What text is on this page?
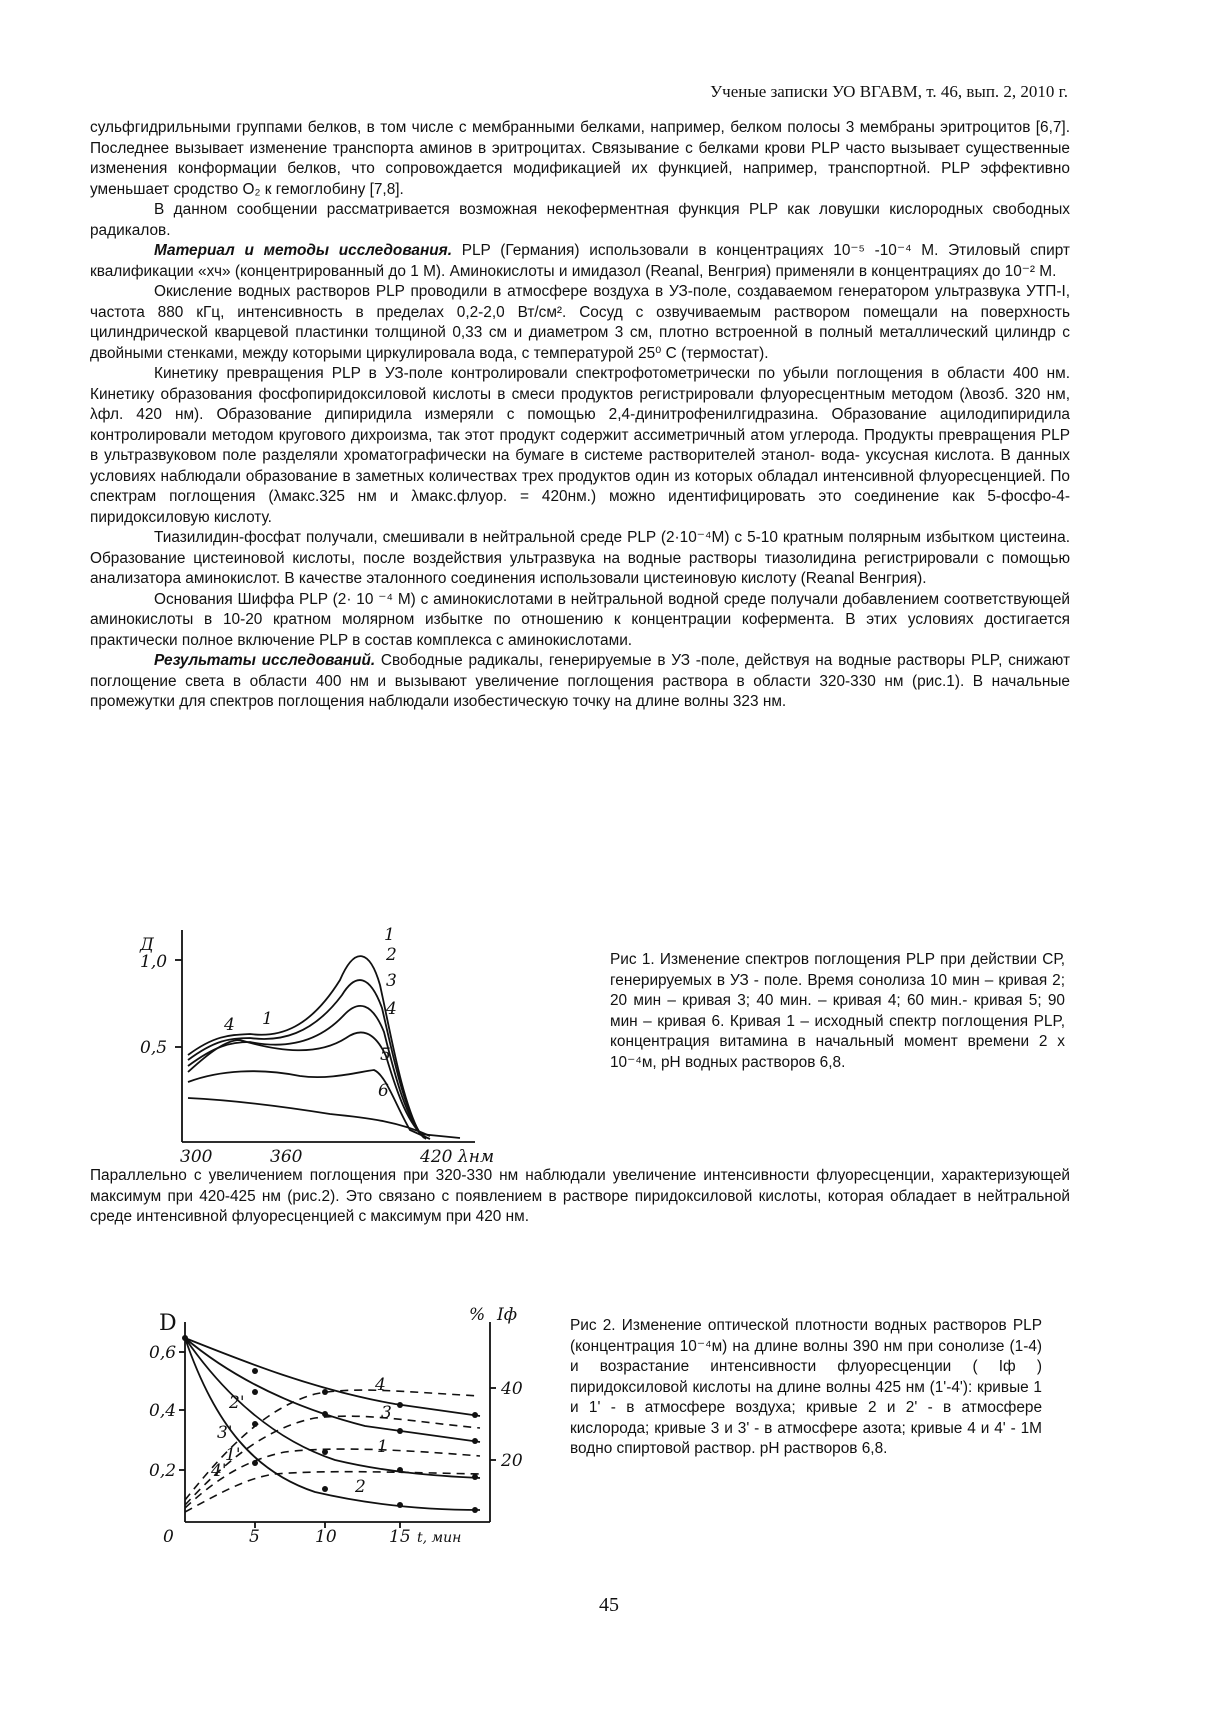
Ученые записки УО ВГАВМ, т. 46, вып. 2, 2010 г.

сульфгидрильными группами белков, в том числе с мембранными белками, например, белком полосы 3 мембраны эритроцитов [6,7]. Последнее вызывает изменение транспорта аминов в эритроцитах. Связывание с белками крови PLP часто вызывает существенные изменения конформации белков, что сопровождается модификацией их функцией, например, транспортной. PLP эффективно уменьшает сродство O₂ к гемоглобину [7,8].

В данном сообщении рассматривается возможная некоферментная функция PLP как ловушки кислородных свободных радикалов.

Материал и методы исследования. PLP (Германия) использовали в концентрациях 10⁻⁵ -10⁻⁴ М. Этиловый спирт квалификации «хч» (концентрированный до 1 М). Аминокислоты и имидазол (Reanal, Венгрия) применяли в концентрациях до 10⁻² М.

Окисление водных растворов PLP проводили в атмосфере воздуха в УЗ-поле, создаваемом генератором ультразвука УТП-I, частота 880 кГц, интенсивность в пределах 0,2-2,0 Вт/см². Сосуд с озвучиваемым раствором помещали на поверхность цилиндрической кварцевой пластинки толщиной 0,33 см и диаметром 3 см, плотно встроенной в полный металлический цилиндр с двойными стенками, между которыми циркулировала вода, с температурой 25⁰ С (термостат).

Кинетику превращения PLP в УЗ-поле контролировали спектрофотометрически по убыли поглощения в области 400 нм. Кинетику образования фосфопиридоксиловой кислоты в смеси продуктов регистрировали флуоресцентным методом (λвозб. 320 нм, λфл. 420 нм). Образование дипиридила измеряли с помощью 2,4-динитрофенилгидразина. Образование ацилодипиридила контролировали методом кругового дихроизма, так этот продукт содержит ассиметричный атом углерода. Продукты превращения PLP в ультразвуковом поле разделяли хроматографически на бумаге в системе растворителей этанол- вода- уксусная кислота. В данных условиях наблюдали образование в заметных количествах трех продуктов один из которых обладал интенсивной флуоресценцией. По спектрам поглощения (λмакс.325 нм и λмакс.флуор. = 420нм.) можно идентифицировать это соединение как 5-фосфо-4-пиридоксиловую кислоту.

Тиазилидин-фосфат получали, смешивали в нейтральной среде PLP (2·10⁻⁴М) с 5-10 кратным полярным избытком цистеина. Образование цистеиновой кислоты, после воздействия ультразвука на водные растворы тиазолидина регистрировали с помощью анализатора аминокислот. В качестве эталонного соединения использовали цистеиновую кислоту (Reanal Венгрия).

Основания Шиффа PLP (2· 10 ⁻⁴ М) с аминокислотами в нейтральной водной среде получали добавлением соответствующей аминокислоты в 10-20 кратном молярном избытке по отношению к концентрации кофермента. В этих условиях достигается практически полное включение PLP в состав комплекса с аминокислотами.

Результаты исследований. Свободные радикалы, генерируемые в УЗ -поле, действуя на водные растворы PLP, снижают поглощение света в области 400 нм и вызывают увеличение поглощения раствора в области 320-330 нм (рис.1). В начальные промежутки для спектров поглощения наблюдали изобестическую точку на длине волны 323 нм.

Д
1,0
0,5
300	360	420 λнм
1
2
3
4
5
6
4 1
Рис 1. Изменение спектров поглощения PLP при действии СР, генерируемых в УЗ - поле. Время сонолиза 10 мин – кривая 2; 20 мин – кривая 3; 40 мин. – кривая 4; 60 мин.- кривая 5; 90 мин – кривая 6. Кривая 1 – исходный спектр поглощения PLP, концентрация витамина в начальный момент времени 2 x 10⁻⁴м, рН водных растворов 6,8.
Параллельно с увеличением поглощения при 320-330 нм наблюдали увеличение интенсивности флуоресценции, характеризующей максимум при 420-425 нм (рис.2). Это связано с появлением в растворе пиридоксиловой кислоты, которая обладает в нейтральной среде интенсивной флуоресценцией с максимум при 420 нм.
D
0,6
0,4
0,2
0
% Iф
40
20
5	10	15 t, мин
4
3
1
2
2'
3'
1'
4'
Рис 2. Изменение оптической плотности водных растворов PLP (концентрация 10⁻⁴м) на длине волны 390 нм при сонолизе (1-4) и возрастание интенсивности флуоресценции ( Iф ) пиридоксиловой кислоты на длине волны 425 нм (1'-4'): кривые 1 и 1' - в атмосфере воздуха; кривые 2 и 2' - в атмосфере кислорода; кривые 3 и 3' - в атмосфере азота; кривые 4 и 4' - 1М водно спиртовой раствор. рН растворов 6,8.
45
